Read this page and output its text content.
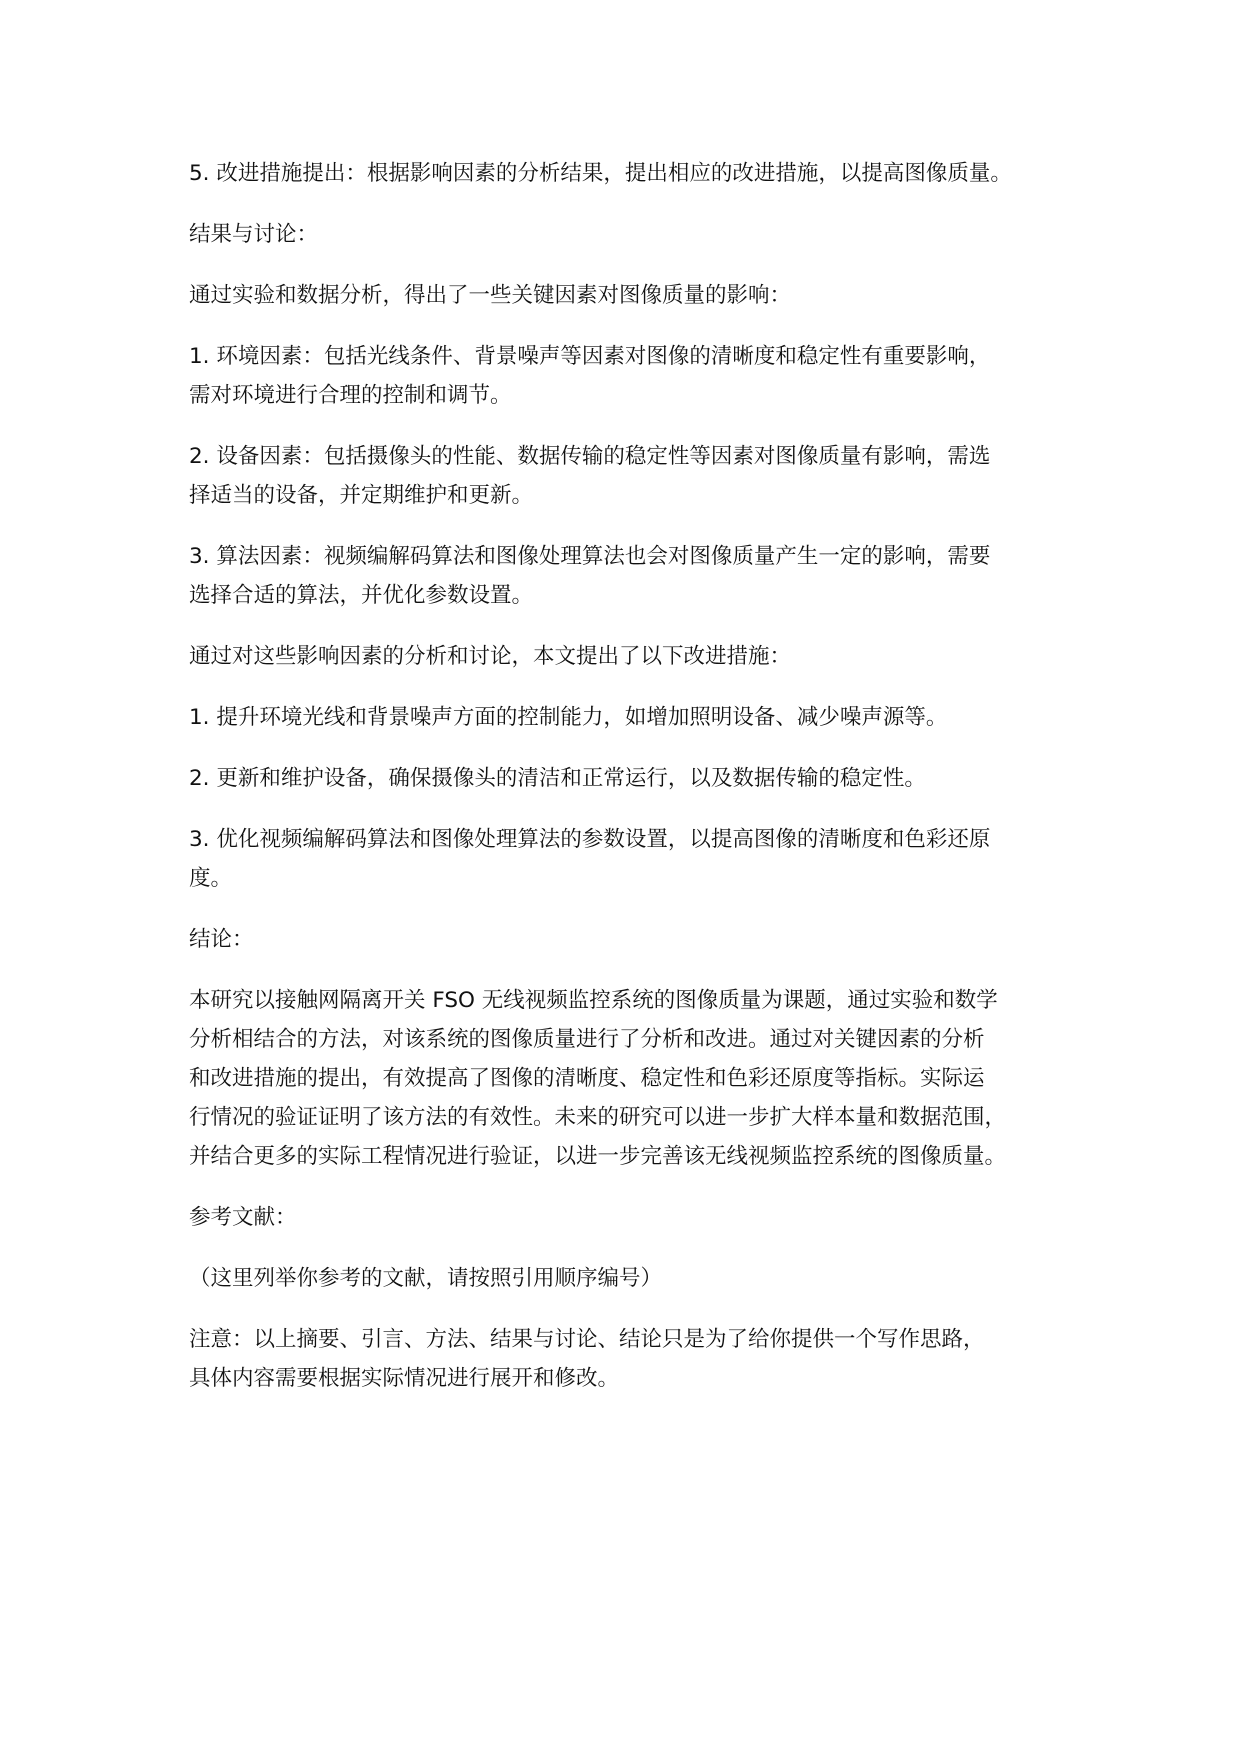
5. 改进措施提出：根据影响因素的分析结果，提出相应的改进措施，以提高图像质量。

结果与讨论：

通过实验和数据分析，得出了一些关键因素对图像质量的影响：

1. 环境因素：包括光线条件、背景噪声等因素对图像的清晰度和稳定性有重要影响，
需对环境进行合理的控制和调节。

2. 设备因素：包括摄像头的性能、数据传输的稳定性等因素对图像质量有影响，需选
择适当的设备，并定期维护和更新。

3. 算法因素：视频编解码算法和图像处理算法也会对图像质量产生一定的影响，需要
选择合适的算法，并优化参数设置。

通过对这些影响因素的分析和讨论，本文提出了以下改进措施：

1. 提升环境光线和背景噪声方面的控制能力，如增加照明设备、减少噪声源等。

2. 更新和维护设备，确保摄像头的清洁和正常运行，以及数据传输的稳定性。

3. 优化视频编解码算法和图像处理算法的参数设置，以提高图像的清晰度和色彩还原
度。

结论：

本研究以接触网隔离开关 FSO 无线视频监控系统的图像质量为课题，通过实验和数学
分析相结合的方法，对该系统的图像质量进行了分析和改进。通过对关键因素的分析
和改进措施的提出，有效提高了图像的清晰度、稳定性和色彩还原度等指标。实际运
行情况的验证证明了该方法的有效性。未来的研究可以进一步扩大样本量和数据范围，
并结合更多的实际工程情况进行验证，以进一步完善该无线视频监控系统的图像质量。

参考文献：

（这里列举你参考的文献，请按照引用顺序编号）

注意：以上摘要、引言、方法、结果与讨论、结论只是为了给你提供一个写作思路，
具体内容需要根据实际情况进行展开和修改。
